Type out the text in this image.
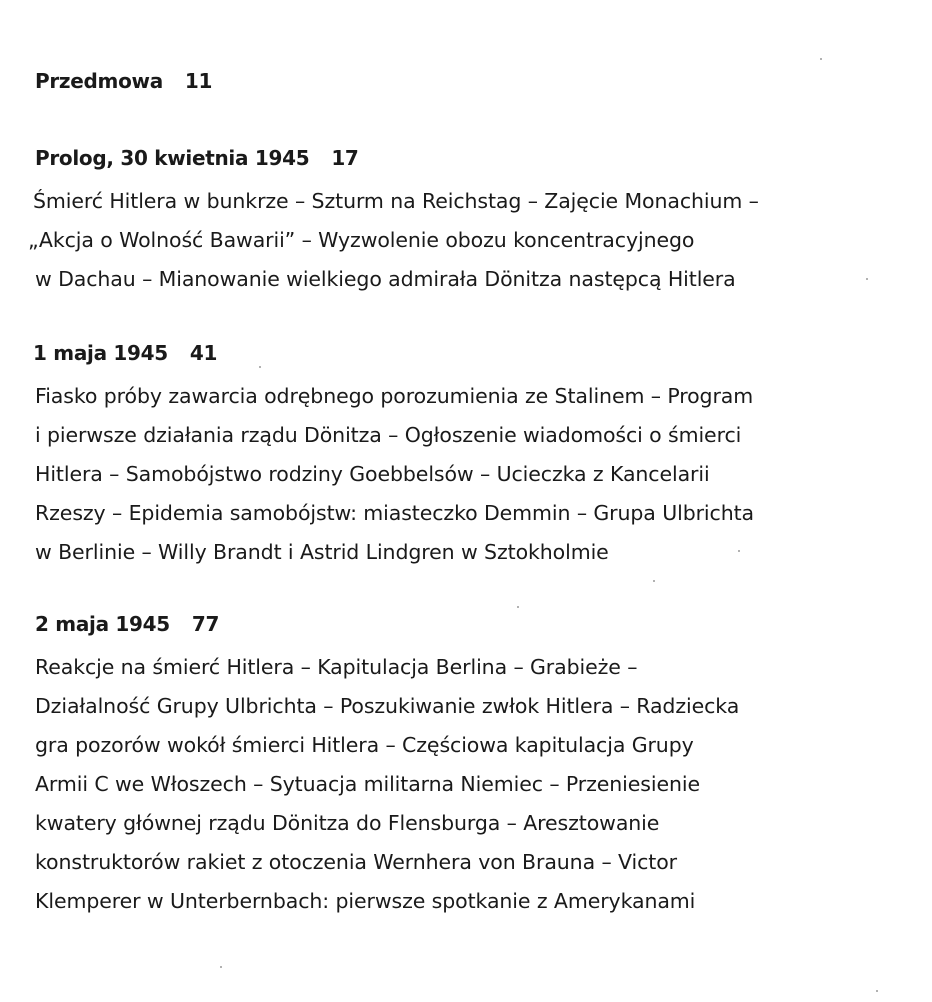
Przedmowa 11
Prolog, 30 kwietnia 1945 17
Śmierć Hitlera w bunkrze – Szturm na Reichstag – Zajęcie Monachium –
„Akcja o Wolność Bawarii” – Wyzwolenie obozu koncentracyjnego
w Dachau – Mianowanie wielkiego admirała Dönitza następcą Hitlera
1 maja 1945 41
Fiasko próby zawarcia odrębnego porozumienia ze Stalinem – Program
i pierwsze działania rządu Dönitza – Ogłoszenie wiadomości o śmierci
Hitlera – Samobójstwo rodziny Goebbelsów – Ucieczka z Kancelarii
Rzeszy – Epidemia samobójstw: miasteczko Demmin – Grupa Ulbrichta
w Berlinie – Willy Brandt i Astrid Lindgren w Sztokholmie
2 maja 1945 77
Reakcje na śmierć Hitlera – Kapitulacja Berlina – Grabieże –
Działalność Grupy Ulbrichta – Poszukiwanie zwłok Hitlera – Radziecka
gra pozorów wokół śmierci Hitlera – Częściowa kapitulacja Grupy
Armii C we Włoszech – Sytuacja militarna Niemiec – Przeniesienie
kwatery głównej rządu Dönitza do Flensburga – Aresztowanie
konstruktorów rakiet z otoczenia Wernhera von Brauna – Victor
Klemperer w Unterbernbach: pierwsze spotkanie z Amerykanami
